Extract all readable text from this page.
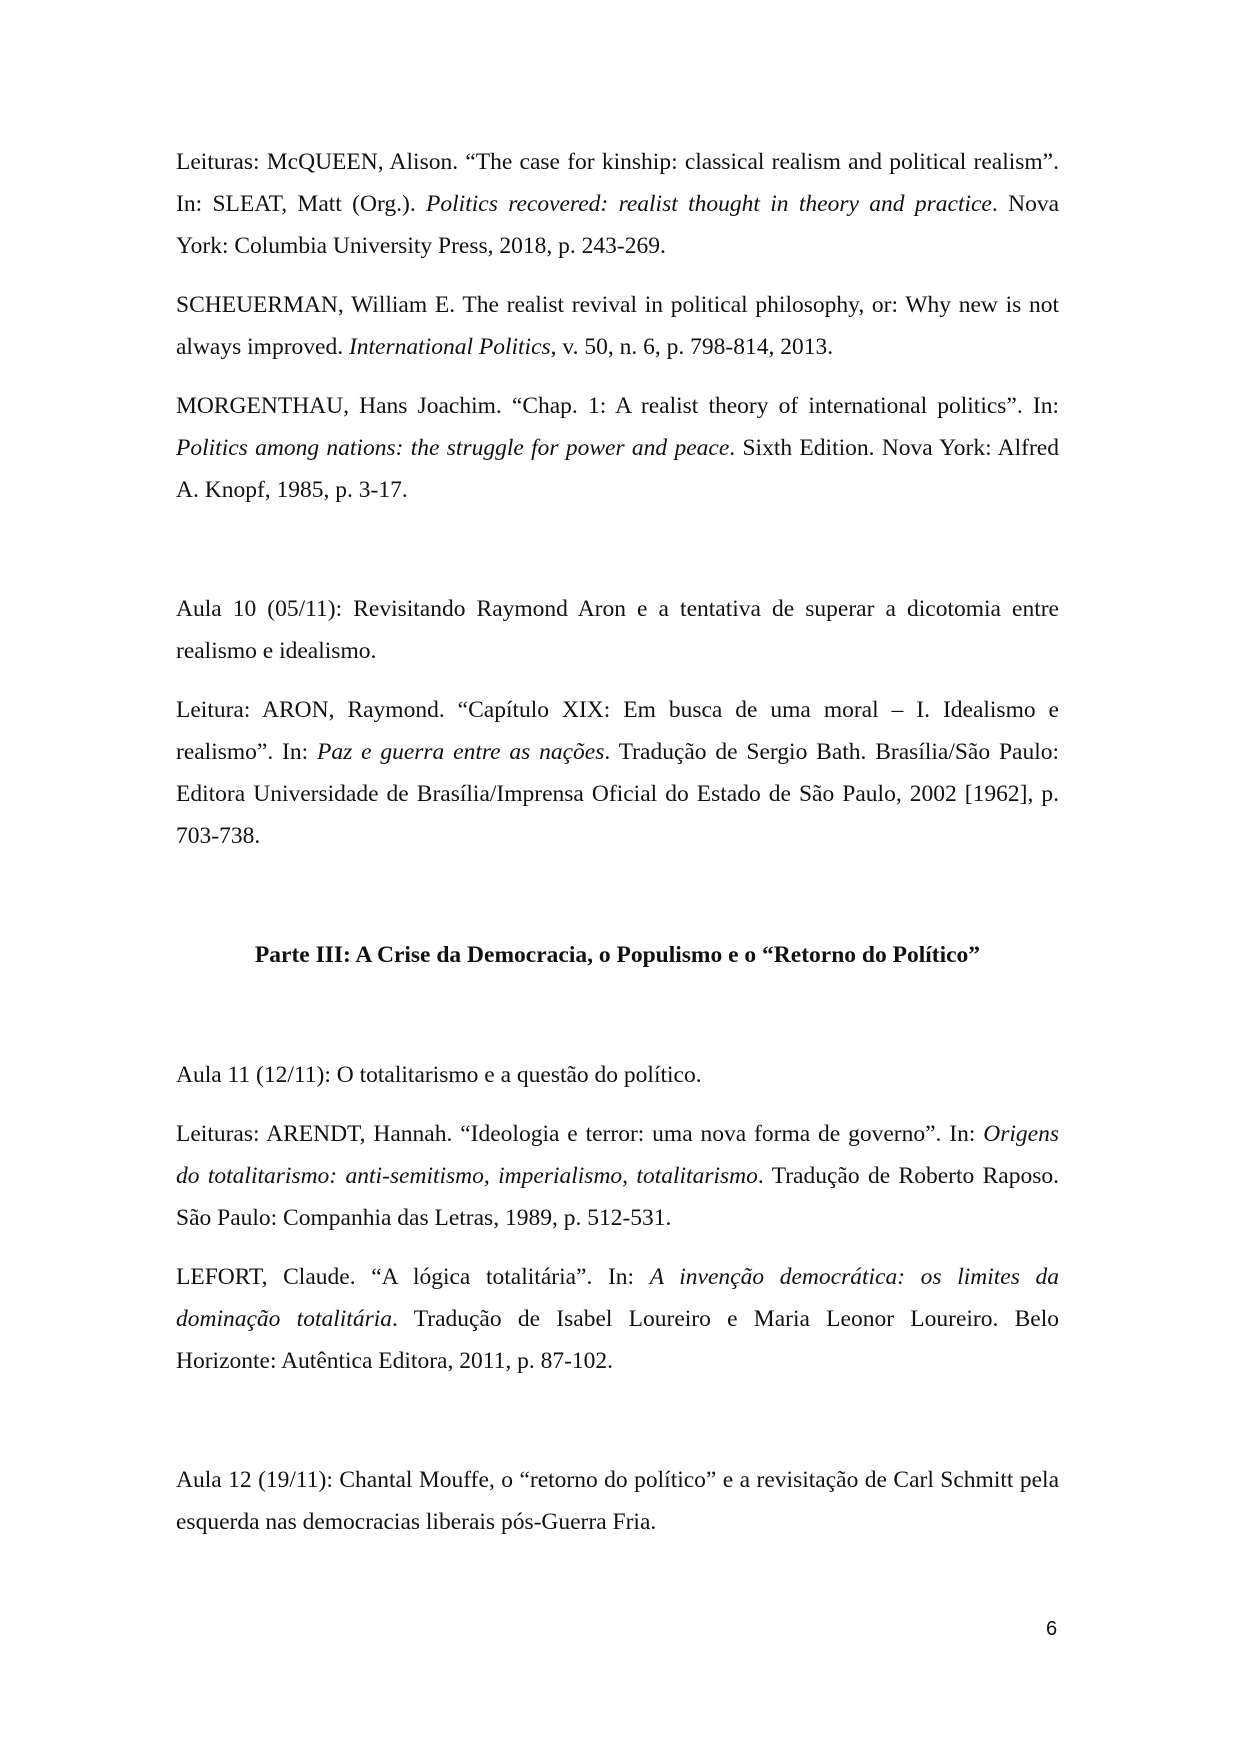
Leituras: McQUEEN, Alison. “The case for kinship: classical realism and political realism”. In: SLEAT, Matt (Org.). Politics recovered: realist thought in theory and practice. Nova York: Columbia University Press, 2018, p. 243-269.

SCHEUERMAN, William E. The realist revival in political philosophy, or: Why new is not always improved. International Politics, v. 50, n. 6, p. 798-814, 2013.

MORGENTHAU, Hans Joachim. “Chap. 1: A realist theory of international politics”. In: Politics among nations: the struggle for power and peace. Sixth Edition. Nova York: Alfred A. Knopf, 1985, p. 3-17.

Aula 10 (05/11): Revisitando Raymond Aron e a tentativa de superar a dicotomia entre realismo e idealismo.

Leitura: ARON, Raymond. “Capítulo XIX: Em busca de uma moral – I. Idealismo e realismo”. In: Paz e guerra entre as nações. Tradução de Sergio Bath. Brasília/São Paulo: Editora Universidade de Brasília/Imprensa Oficial do Estado de São Paulo, 2002 [1962], p. 703-738.

Parte III: A Crise da Democracia, o Populismo e o “Retorno do Político”

Aula 11 (12/11): O totalitarismo e a questão do político.

Leituras: ARENDT, Hannah. “Ideologia e terror: uma nova forma de governo”. In: Origens do totalitarismo: anti-semitismo, imperialismo, totalitarismo. Tradução de Roberto Raposo. São Paulo: Companhia das Letras, 1989, p. 512-531.

LEFORT, Claude. “A lógica totalitária”. In: A invenção democrática: os limites da dominação totalitária. Tradução de Isabel Loureiro e Maria Leonor Loureiro. Belo Horizonte: Autêntica Editora, 2011, p. 87-102.

Aula 12 (19/11): Chantal Mouffe, o “retorno do político” e a revisitação de Carl Schmitt pela esquerda nas democracias liberais pós-Guerra Fria.

6
